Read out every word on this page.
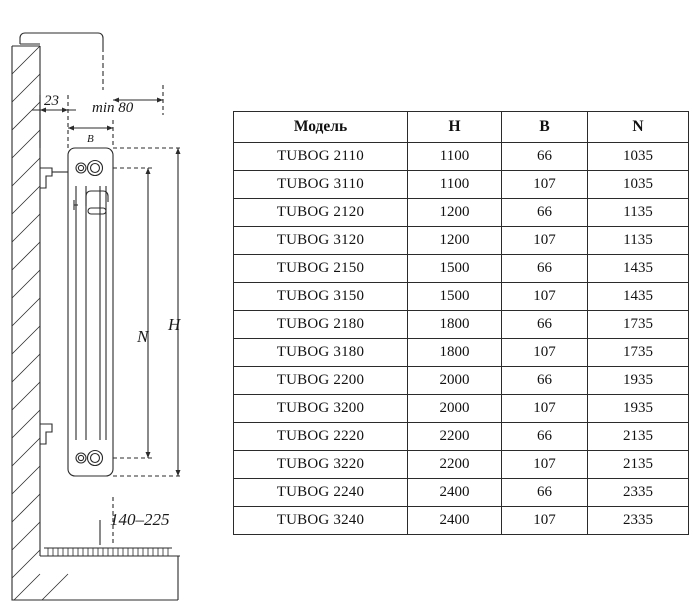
23 min 80
В
N
Н
140–225
Модель	H	B	N
TUBOG 2110	1100	66	1035
TUBOG 3110	1100	107	1035
TUBOG 2120	1200	66	1135
TUBOG 3120	1200	107	1135
TUBOG 2150	1500	66	1435
TUBOG 3150	1500	107	1435
TUBOG 2180	1800	66	1735
TUBOG 3180	1800	107	1735
TUBOG 2200	2000	66	1935
TUBOG 3200	2000	107	1935
TUBOG 2220	2200	66	2135
TUBOG 3220	2200	107	2135
TUBOG 2240	2400	66	2335
TUBOG 3240	2400	107	2335
